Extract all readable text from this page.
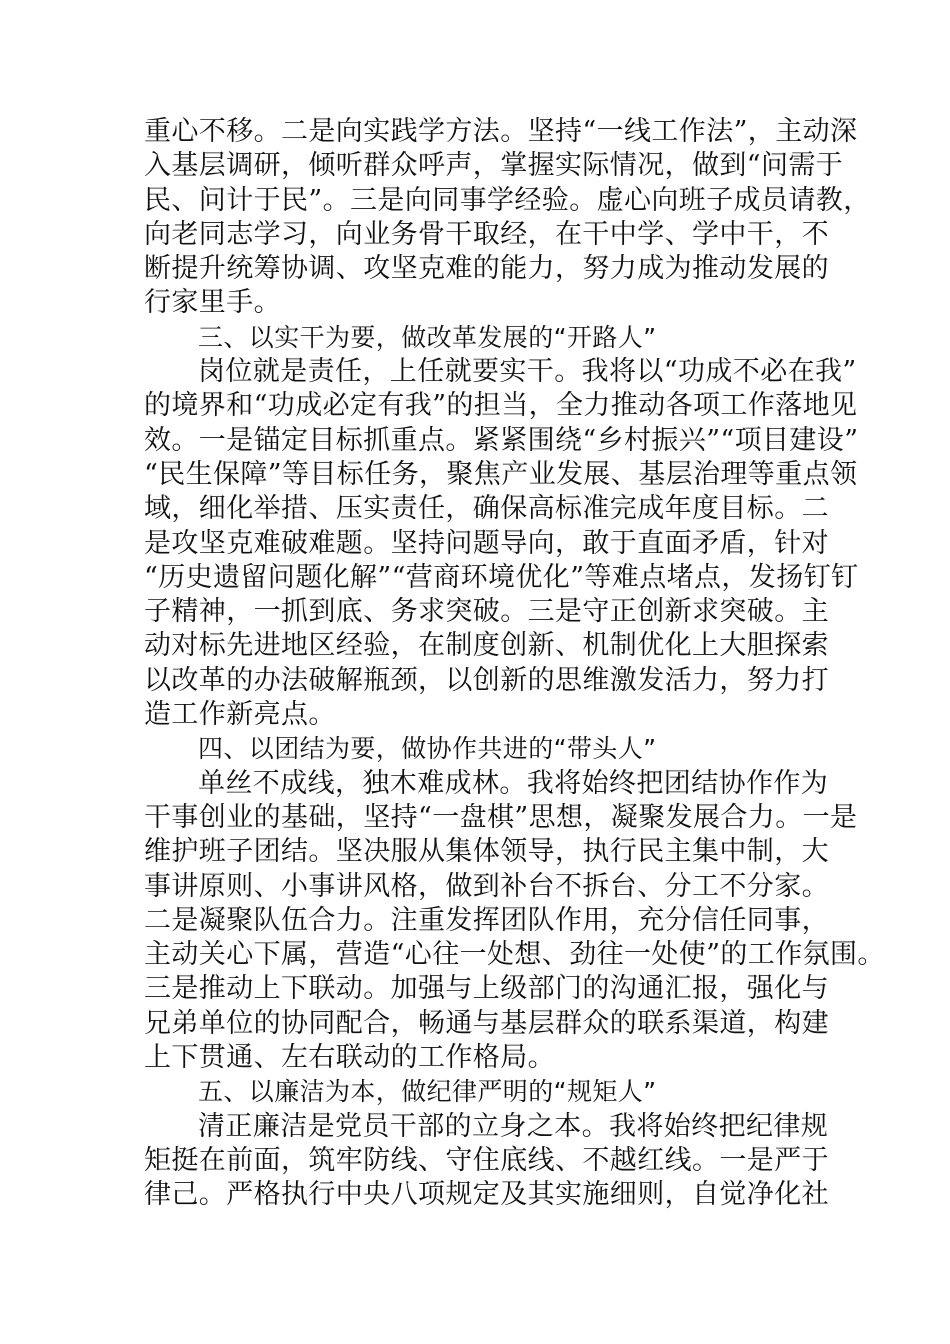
重心不移。二是向实践学方法。坚持“一线工作法”，主动深
入基层调研，倾听群众呼声，掌握实际情况，做到“问需于
民、问计于民”。三是向同事学经验。虚心向班子成员请教，
向老同志学习，向业务骨干取经，在干中学、学中干，不
断提升统筹协调、攻坚克难的能力，努力成为推动发展的
行家里手。
三、以实干为要，做改革发展的“开路人”
岗位就是责任，上任就要实干。我将以“功成不必在我”
的境界和“功成必定有我”的担当，全力推动各项工作落地见
效。一是锚定目标抓重点。紧紧围绕“乡村振兴”“项目建设”
“民生保障”等目标任务，聚焦产业发展、基层治理等重点领
域，细化举措、压实责任，确保高标准完成年度目标。二
是攻坚克难破难题。坚持问题导向，敢于直面矛盾，针对
“历史遗留问题化解”“营商环境优化”等难点堵点，发扬钉钉
子精神，一抓到底、务求突破。三是守正创新求突破。主
动对标先进地区经验，在制度创新、机制优化上大胆探索
以改革的办法破解瓶颈，以创新的思维激发活力，努力打
造工作新亮点。
四、以团结为要，做协作共进的“带头人”
单丝不成线，独木难成林。我将始终把团结协作作为
干事创业的基础，坚持“一盘棋”思想，凝聚发展合力。一是
维护班子团结。坚决服从集体领导，执行民主集中制，大
事讲原则、小事讲风格，做到补台不拆台、分工不分家。
二是凝聚队伍合力。注重发挥团队作用，充分信任同事，
主动关心下属，营造“心往一处想、劲往一处使”的工作氛围。
三是推动上下联动。加强与上级部门的沟通汇报，强化与
兄弟单位的协同配合，畅通与基层群众的联系渠道，构建
上下贯通、左右联动的工作格局。
五、以廉洁为本，做纪律严明的“规矩人”
清正廉洁是党员干部的立身之本。我将始终把纪律规
矩挺在前面，筑牢防线、守住底线、不越红线。一是严于
律己。严格执行中央八项规定及其实施细则，自觉净化社
